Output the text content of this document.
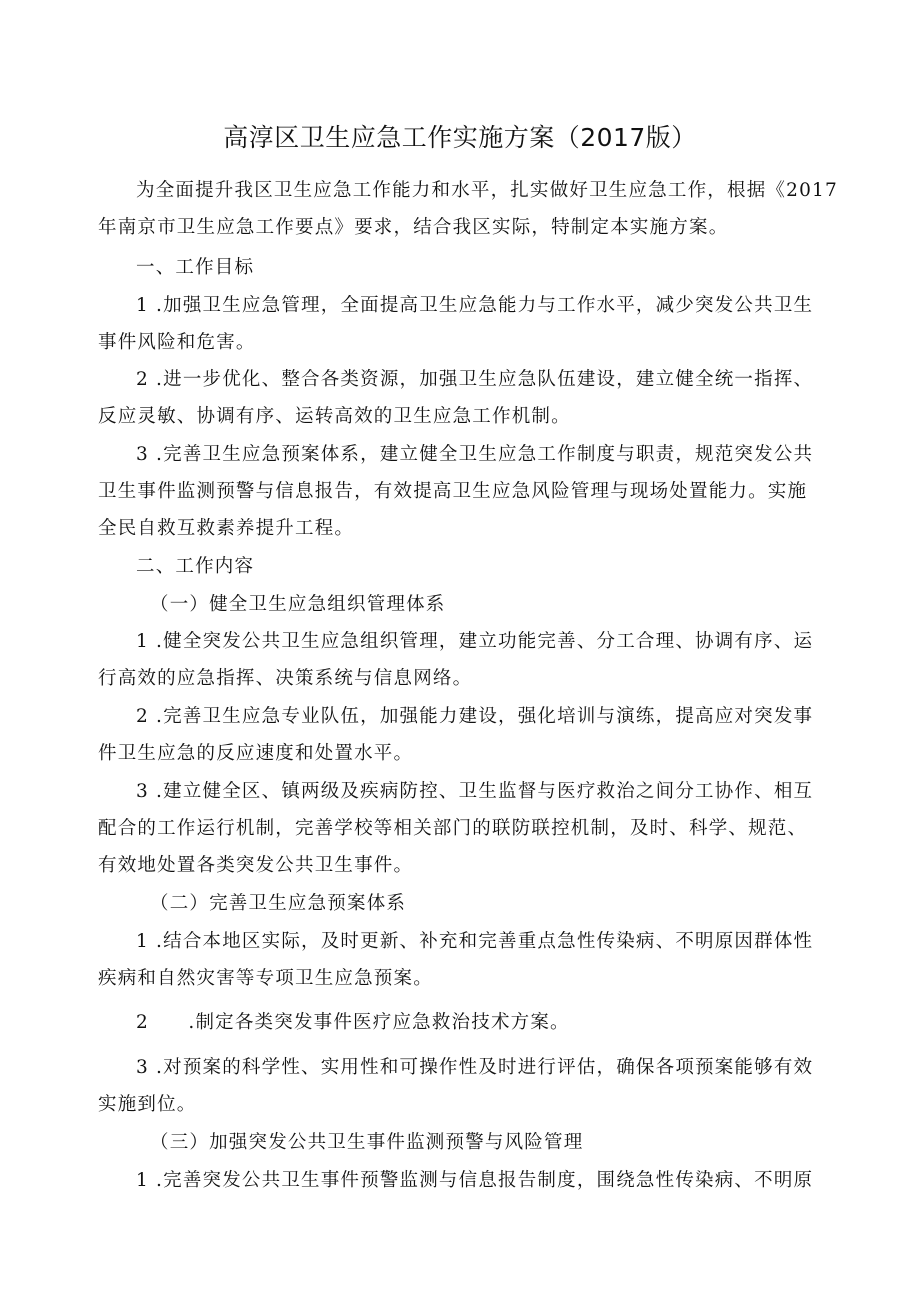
高淳区卫生应急工作实施方案（2017版）
为全面提升我区卫生应急工作能力和水平，扎实做好卫生应急工作，根据《2017
年南京市卫生应急工作要点》要求，结合我区实际，特制定本实施方案。
一、工作目标
1 .加强卫生应急管理，全面提高卫生应急能力与工作水平，减少突发公共卫生
事件风险和危害。
2 .进一步优化、整合各类资源，加强卫生应急队伍建设，建立健全统一指挥、
反应灵敏、协调有序、运转高效的卫生应急工作机制。
3 .完善卫生应急预案体系，建立健全卫生应急工作制度与职责，规范突发公共
卫生事件监测预警与信息报告，有效提高卫生应急风险管理与现场处置能力。实施
全民自救互救素养提升工程。
二、工作内容
（一）健全卫生应急组织管理体系
1 .健全突发公共卫生应急组织管理，建立功能完善、分工合理、协调有序、运
行高效的应急指挥、决策系统与信息网络。
2 .完善卫生应急专业队伍，加强能力建设，强化培训与演练，提高应对突发事
件卫生应急的反应速度和处置水平。
3 .建立健全区、镇两级及疾病防控、卫生监督与医疗救治之间分工协作、相互
配合的工作运行机制，完善学校等相关部门的联防联控机制，及时、科学、规范、
有效地处置各类突发公共卫生事件。
（二）完善卫生应急预案体系
1 .结合本地区实际，及时更新、补充和完善重点急性传染病、不明原因群体性
疾病和自然灾害等专项卫生应急预案。
2　　.制定各类突发事件医疗应急救治技术方案。
3 .对预案的科学性、实用性和可操作性及时进行评估，确保各项预案能够有效
实施到位。
（三）加强突发公共卫生事件监测预警与风险管理
1 .完善突发公共卫生事件预警监测与信息报告制度，围绕急性传染病、不明原
